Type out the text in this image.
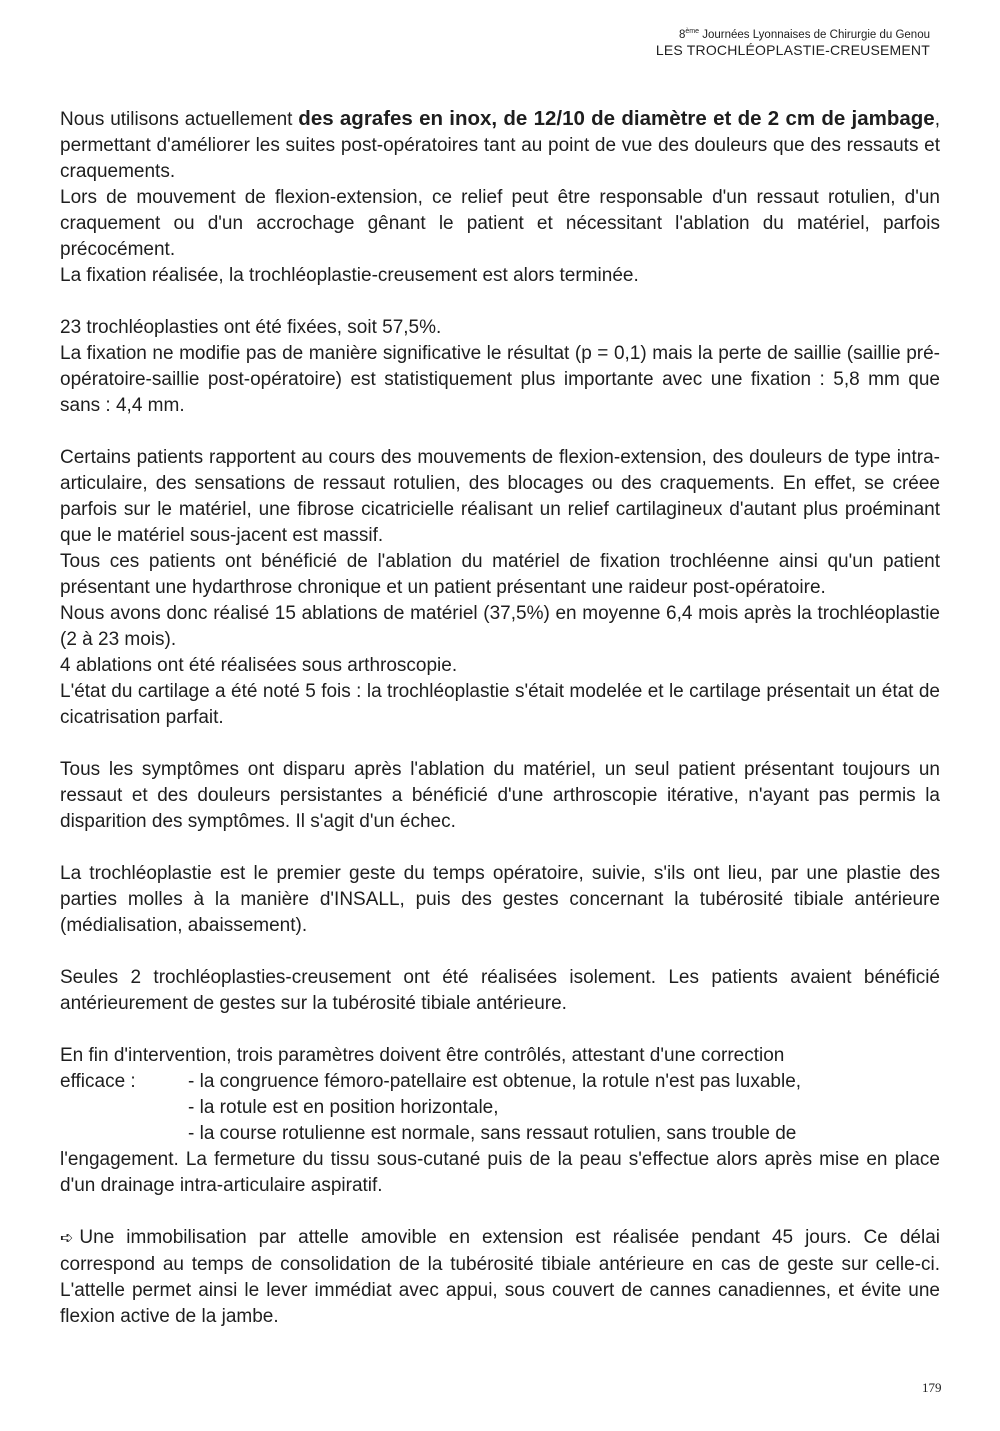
8ème Journées Lyonnaises de Chirurgie du Genou
LES TROCHLÉOPLASTIE-CREUSEMENT

Nous utilisons actuellement des agrafes en inox, de 12/10 de diamètre et de 2 cm de jambage, permettant d'améliorer les suites post-opératoires tant au point de vue des douleurs que des ressauts et craquements.

Lors de mouvement de flexion-extension, ce relief peut être responsable d'un ressaut rotulien, d'un craquement ou d'un accrochage gênant le patient et nécessitant l'ablation du matériel, parfois précocément.

La fixation réalisée, la trochléoplastie-creusement est alors terminée.

23 trochléoplasties ont été fixées, soit 57,5%.

La fixation ne modifie pas de manière significative le résultat (p = 0,1) mais la perte de saillie (saillie pré-opératoire-saillie post-opératoire) est statistiquement plus importante avec une fixation : 5,8 mm que sans : 4,4 mm.

Certains patients rapportent au cours des mouvements de flexion-extension, des douleurs de type intra-articulaire, des sensations de ressaut rotulien, des blocages ou des craquements. En effet, se créee parfois sur le matériel, une fibrose cicatricielle réalisant un relief cartilagineux d'autant plus proéminant que le matériel sous-jacent est massif.

Tous ces patients ont bénéficié de l'ablation du matériel de fixation trochléenne ainsi qu'un patient présentant une hydarthrose chronique et un patient présentant une raideur post-opératoire.

Nous avons donc réalisé 15 ablations de matériel (37,5%) en moyenne 6,4 mois après la trochléoplastie (2 à 23 mois).

4 ablations ont été réalisées sous arthroscopie.

L'état du cartilage a été noté 5 fois : la trochléoplastie s'était modelée et le cartilage présentait un état de cicatrisation parfait.

Tous les symptômes ont disparu après l'ablation du matériel, un seul patient présentant toujours un ressaut et des douleurs persistantes a bénéficié d'une arthroscopie itérative, n'ayant pas permis la disparition des symptômes. Il s'agit d'un échec.

La trochléoplastie est le premier geste du temps opératoire, suivie, s'ils ont lieu, par une plastie des parties molles à la manière d'INSALL, puis des gestes concernant la tubérosité tibiale antérieure (médialisation, abaissement).

Seules 2 trochléoplasties-creusement ont été réalisées isolement. Les patients avaient bénéficié antérieurement de gestes sur la tubérosité tibiale antérieure.

En fin d'intervention, trois paramètres doivent être contrôlés, attestant d'une correction

efficace :	- la congruence fémoro-patellaire est obtenue, la rotule n'est pas luxable,

- la rotule est en position horizontale,

- la course rotulienne est normale, sans ressaut rotulien, sans trouble de

l'engagement. La fermeture du tissu sous-cutané puis de la peau s'effectue alors après mise en place d'un drainage intra-articulaire aspiratif.

➪ Une immobilisation par attelle amovible en extension est réalisée pendant 45 jours. Ce délai correspond au temps de consolidation de la tubérosité tibiale antérieure en cas de geste sur celle-ci. L'attelle permet ainsi le lever immédiat avec appui, sous couvert de cannes canadiennes, et évite une flexion active de la jambe.

179
